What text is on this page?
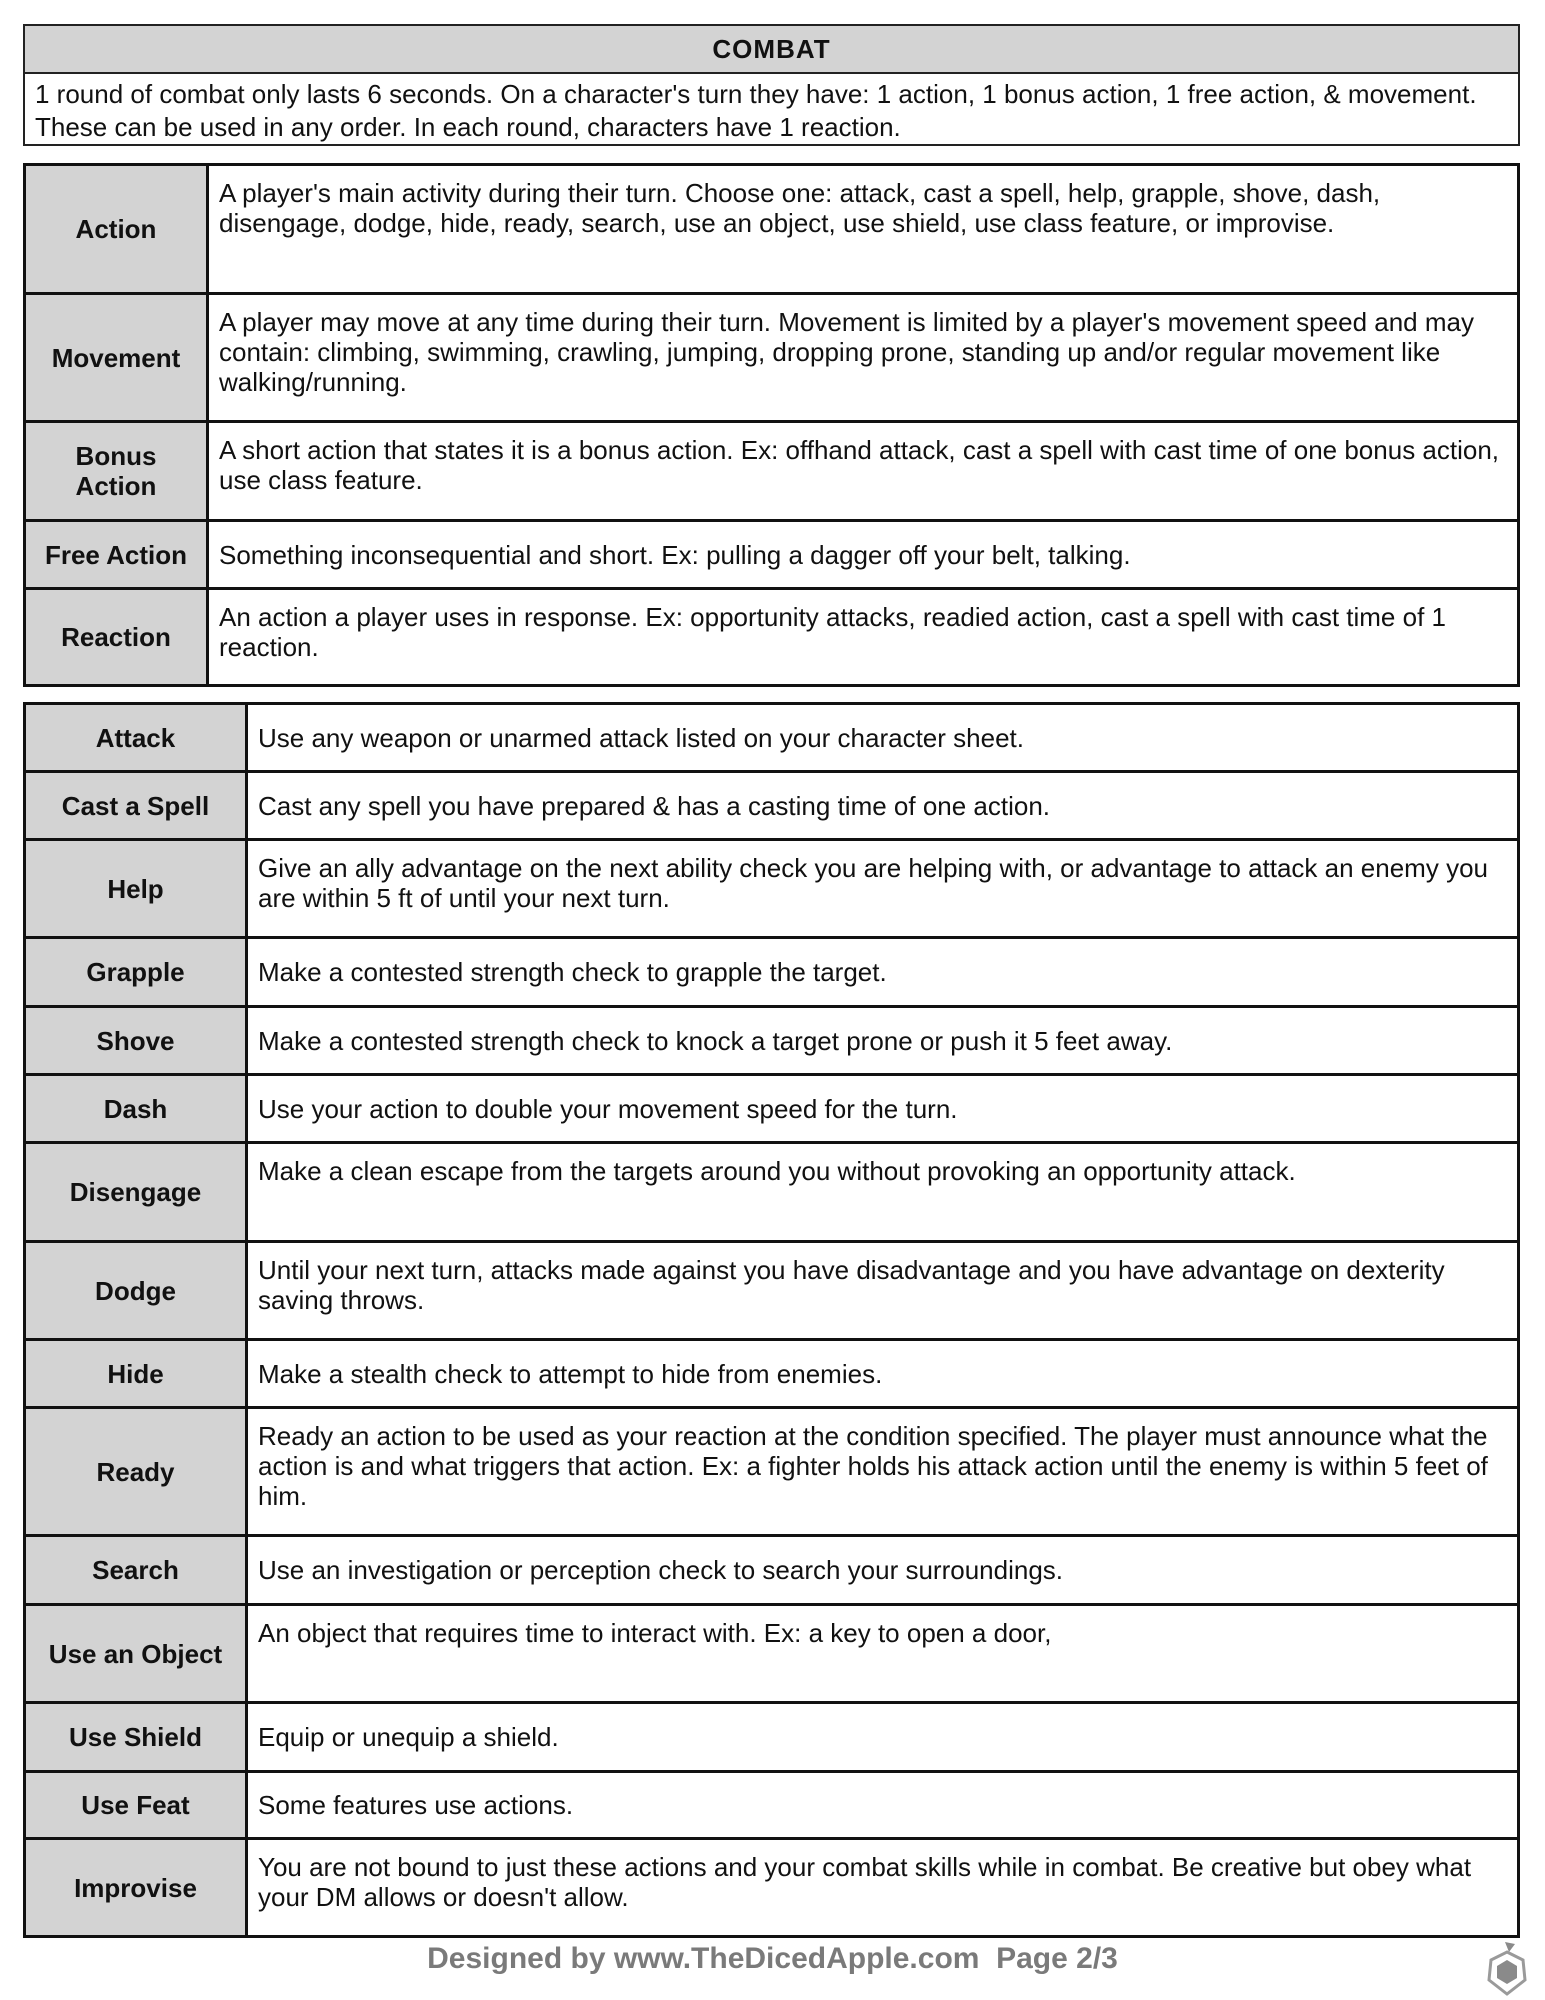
COMBAT
1 round of combat only lasts 6 seconds. On a character's turn they have: 1 action, 1 bonus action, 1 free action, & movement. These can be used in any order. In each round, characters have 1 reaction.
Action	A player's main activity during their turn. Choose one: attack, cast a spell, help, grapple, shove, dash, disengage, dodge, hide, ready, search, use an object, use shield, use class feature, or improvise.
Movement	A player may move at any time during their turn. Movement is limited by a player's movement speed and may contain: climbing, swimming, crawling, jumping, dropping prone, standing up and/or regular movement like walking/running.
Bonus Action	A short action that states it is a bonus action. Ex: offhand attack, cast a spell with cast time of one bonus action, use class feature.
Free Action	Something inconsequential and short. Ex: pulling a dagger off your belt, talking.
Reaction	An action a player uses in response. Ex: opportunity attacks, readied action, cast a spell with cast time of 1 reaction.
Attack	Use any weapon or unarmed attack listed on your character sheet.
Cast a Spell	Cast any spell you have prepared & has a casting time of one action.
Help	Give an ally advantage on the next ability check you are helping with, or advantage to attack an enemy you are within 5 ft of until your next turn.
Grapple	Make a contested strength check to grapple the target.
Shove	Make a contested strength check to knock a target prone or push it 5 feet away.
Dash	Use your action to double your movement speed for the turn.
Disengage	Make a clean escape from the targets around you without provoking an opportunity attack.
Dodge	Until your next turn, attacks made against you have disadvantage and you have advantage on dexterity saving throws.
Hide	Make a stealth check to attempt to hide from enemies.
Ready	Ready an action to be used as your reaction at the condition specified. The player must announce what the action is and what triggers that action. Ex: a fighter holds his attack action until the enemy is within 5 feet of him.
Search	Use an investigation or perception check to search your surroundings.
Use an Object	An object that requires time to interact with. Ex: a key to open a door,
Use Shield	Equip or unequip a shield.
Use Feat	Some features use actions.
Improvise	You are not bound to just these actions and your combat skills while in combat. Be creative but obey what your DM allows or doesn't allow.
Designed by www.TheDicedApple.com  Page 2/3
